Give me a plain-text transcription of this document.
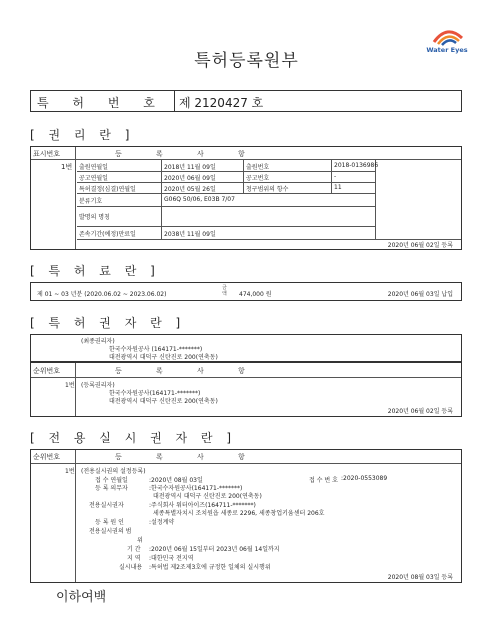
특허등록원부
Water Eyes
특 허 번 호 제 2120427 호
[ 권 리 란 ]
표시번호	등 록 사 항
1번 출원연월일	2018년 11월 09일	출원번호	2018-0136986
공고연월일	2020년 06월 09일	공고번호	-
특허결정(심결)연월일	2020년 05월 26일	청구범위의 항수	11
분류기호	G06Q 50/06, E03B 7/07
발명의 명칭
존속기간(예정)만료일	2038년 11월 09일
2020년 06월 02일 등록
[ 특 허 료 란 ]
제 01 ~ 03 년분 (2020.06.02 ~ 2023.06.02)
금액	474,000 원	2020년 06월 03일 납입
[ 특 허 권 자 란 ]
(최종권리자)
한국수자원공사 (164171-*******)
대전광역시 대덕구 신탄진로 200(연축동)
순위번호	등 록 사 항
1번 (등록권리자)
한국수자원공사(164171-*******)
대전광역시 대덕구 신탄진로 200(연축동)
2020년 06월 02일 등록
[ 전 용 실 시 권 자 란 ]
순위번호	등 록 사 항
1번 (전용실시권의 설정등록)
접 수 연월일	:2020년 08월 03일	접 수 번 호 :2020-0553089
등 록 의무자	:한국수자원공사(164171-*******)
대전광역시 대덕구 신탄진로 200(연축동)
전용실시권자	:주식회사 워터아이즈(164711-*******)
세종특별자치시 조치원읍 세종로 2296, 세종창업키움센터 206호
등 록 원 인	:설정계약
전용실시권의 범
위
기 간 :2020년 06월 15일부터 2023년 06월 14일까지
지 역 :대한민국 전지역
실시내용 :특허법 제2조제3호에 규정한 일체의 실시행위
2020년 08월 03일 등록
이하여백
